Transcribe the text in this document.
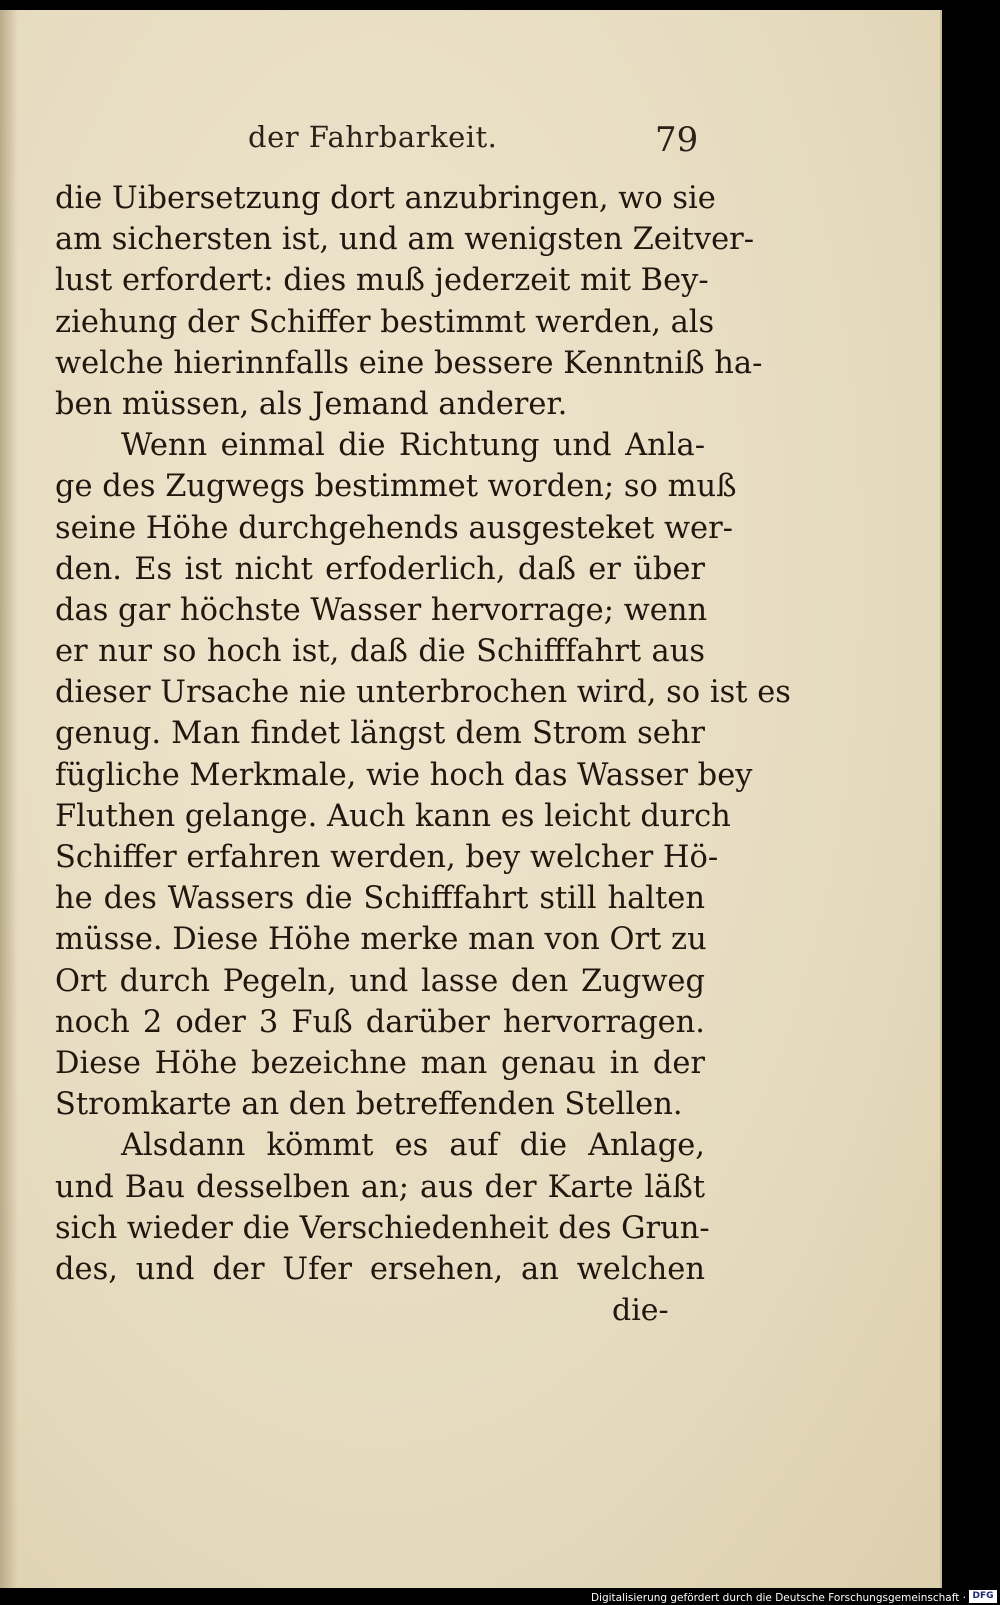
der Fahrbarkeit.	79
die Uibersetzung dort anzubringen, wo sie
am sichersten ist, und am wenigsten Zeitver-
lust erfordert: dies muß jederzeit mit Bey-
ziehung der Schiffer bestimmt werden, als
welche hierinnfalls eine bessere Kenntniß ha-
ben müssen, als Jemand anderer.
Wenn einmal die Richtung und Anla-
ge des Zugwegs bestimmet worden; so muß
seine Höhe durchgehends ausgesteket wer-
den. Es ist nicht erfoderlich, daß er über
das gar höchste Wasser hervorrage; wenn
er nur so hoch ist, daß die Schifffahrt aus
dieser Ursache nie unterbrochen wird, so ist es
genug. Man findet längst dem Strom sehr
fügliche Merkmale, wie hoch das Wasser bey
Fluthen gelange. Auch kann es leicht durch
Schiffer erfahren werden, bey welcher Hö-
he des Wassers die Schifffahrt still halten
müsse. Diese Höhe merke man von Ort zu
Ort durch Pegeln, und lasse den Zugweg
noch 2 oder 3 Fuß darüber hervorragen.
Diese Höhe bezeichne man genau in der
Stromkarte an den betreffenden Stellen.
Alsdann kömmt es auf die Anlage,
und Bau desselben an; aus der Karte läßt
sich wieder die Verschiedenheit des Grun-
des, und der Ufer ersehen, an welchen
die-
Digitalisierung gefördert durch die Deutsche Forschungsgemeinschaft · DFG
